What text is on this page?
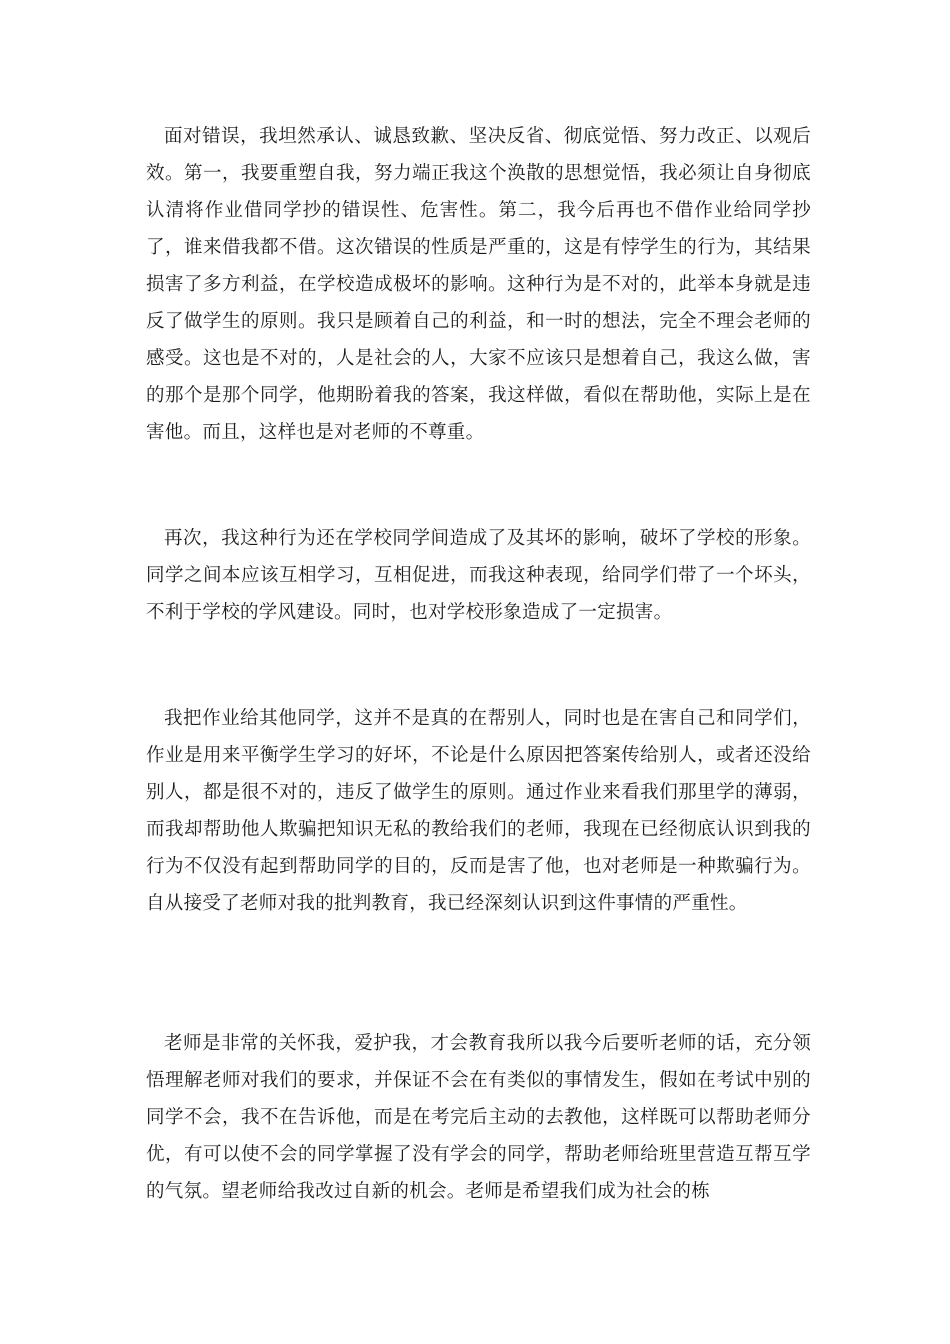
面对错误，我坦然承认、诚恳致歉、坚决反省、彻底觉悟、努力改正、以观后效。第一，我要重塑自我，努力端正我这个涣散的思想觉悟，我必须让自身彻底认清将作业借同学抄的错误性、危害性。第二，我今后再也不借作业给同学抄了，谁来借我都不借。这次错误的性质是严重的，这是有悖学生的行为，其结果损害了多方利益，在学校造成极坏的影响。这种行为是不对的，此举本身就是违反了做学生的原则。我只是顾着自己的利益，和一时的想法，完全不理会老师的感受。这也是不对的，人是社会的人，大家不应该只是想着自己，我这么做，害的那个是那个同学，他期盼着我的答案，我这样做，看似在帮助他，实际上是在害他。而且，这样也是对老师的不尊重。

再次，我这种行为还在学校同学间造成了及其坏的影响，破坏了学校的形象。同学之间本应该互相学习，互相促进，而我这种表现，给同学们带了一个坏头，不利于学校的学风建设。同时，也对学校形象造成了一定损害。

我把作业给其他同学，这并不是真的在帮别人，同时也是在害自己和同学们，作业是用来平衡学生学习的好坏，不论是什么原因把答案传给别人，或者还没给别人，都是很不对的，违反了做学生的原则。通过作业来看我们那里学的薄弱，而我却帮助他人欺骗把知识无私的教给我们的老师，我现在已经彻底认识到我的行为不仅没有起到帮助同学的目的，反而是害了他，也对老师是一种欺骗行为。自从接受了老师对我的批判教育，我已经深刻认识到这件事情的严重性。

老师是非常的关怀我，爱护我，才会教育我所以我今后要听老师的话，充分领悟理解老师对我们的要求，并保证不会在有类似的事情发生，假如在考试中别的同学不会，我不在告诉他，而是在考完后主动的去教他，这样既可以帮助老师分优，有可以使不会的同学掌握了没有学会的同学，帮助老师给班里营造互帮互学的气氛。望老师给我改过自新的机会。老师是希望我们成为社会的栋
